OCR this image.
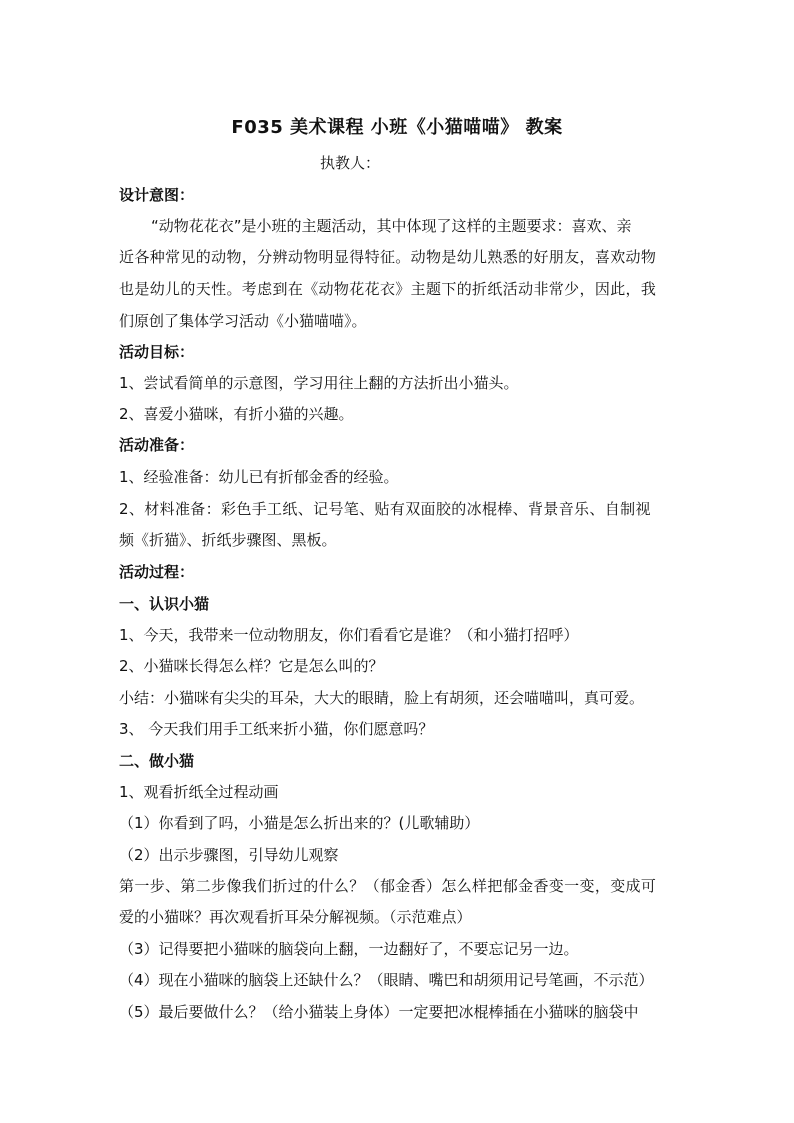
F035 美术课程 小班《小猫喵喵》 教案
执教人：
设计意图：
“动物花花衣”是小班的主题活动，其中体现了这样的主题要求：喜欢、亲
近各种常见的动物，分辨动物明显得特征。动物是幼儿熟悉的好朋友，喜欢动物
也是幼儿的天性。考虑到在《动物花花衣》主题下的折纸活动非常少，因此，我
们原创了集体学习活动《小猫喵喵》。
活动目标：
1、尝试看简单的示意图，学习用往上翻的方法折出小猫头。
2、喜爱小猫咪，有折小猫的兴趣。
活动准备：
1、经验准备：幼儿已有折郁金香的经验。
2、材料准备：彩色手工纸、记号笔、贴有双面胶的冰棍棒、背景音乐、自制视
频《折猫》、折纸步骤图、黑板。
活动过程：
一、认识小猫
1、今天，我带来一位动物朋友，你们看看它是谁？（和小猫打招呼）
2、小猫咪长得怎么样？它是怎么叫的？
小结：小猫咪有尖尖的耳朵，大大的眼睛，脸上有胡须，还会喵喵叫，真可爱。
3、 今天我们用手工纸来折小猫，你们愿意吗？
二、做小猫
1、观看折纸全过程动画
（1）你看到了吗，小猫是怎么折出来的？(儿歌辅助）
（2）出示步骤图，引导幼儿观察
第一步、第二步像我们折过的什么？（郁金香）怎么样把郁金香变一变，变成可
爱的小猫咪？再次观看折耳朵分解视频。（示范难点）
（3）记得要把小猫咪的脑袋向上翻，一边翻好了，不要忘记另一边。
（4）现在小猫咪的脑袋上还缺什么？（眼睛、嘴巴和胡须用记号笔画，不示范）
（5）最后要做什么？（给小猫装上身体）一定要把冰棍棒插在小猫咪的脑袋中
